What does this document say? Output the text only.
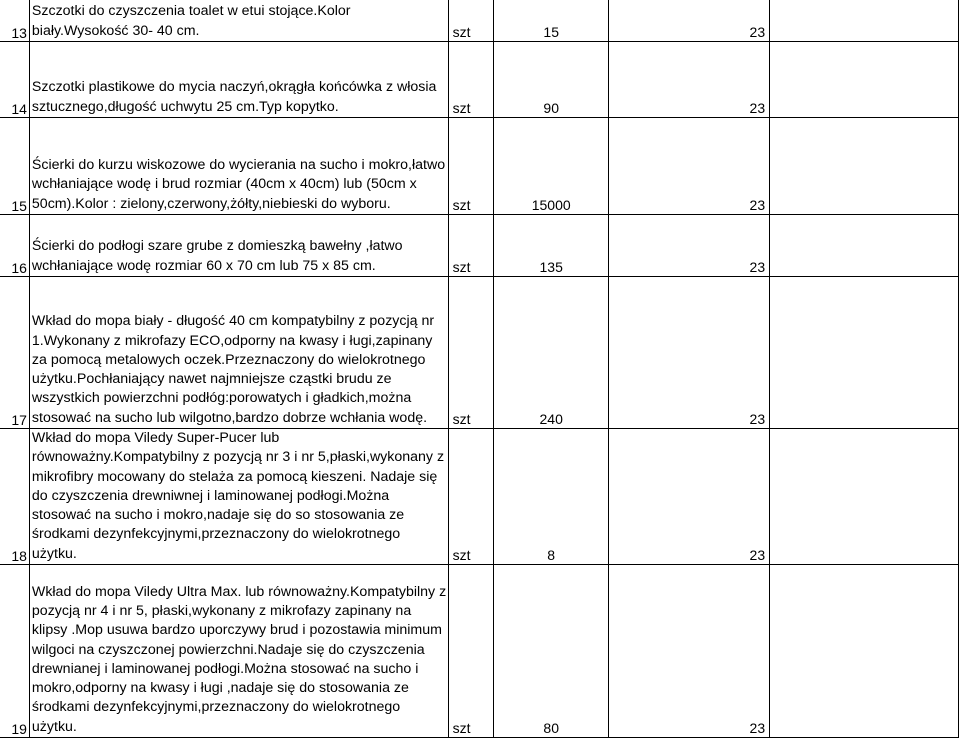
13	Szczotki do czyszczenia toalet w etui stojące.Kolor biały.Wysokość 30- 40 cm.	szt	15	23	
14	Szczotki plastikowe do mycia naczyń,okrągła końcówka z włosia sztucznego,długość uchwytu 25 cm.Typ kopytko.	szt	90	23	
15	Ścierki do kurzu wiskozowe do wycierania na sucho i mokro,łatwo wchłaniające wodę i brud rozmiar (40cm x 40cm) lub (50cm x 50cm).Kolor : zielony,czerwony,żółty,niebieski do wyboru.	szt	15000	23	
16	Ścierki do podłogi szare grube z domieszką bawełny ,łatwo wchłaniające wodę rozmiar 60 x 70 cm lub 75 x 85 cm.	szt	135	23	
17	Wkład do mopa biały - długość 40 cm kompatybilny z pozycją nr 1.Wykonany z mikrofazy ECO,odporny na kwasy i ługi,zapinany za pomocą metalowych oczek.Przeznaczony do wielokrotnego użytku.Pochłaniający nawet najmniejsze cząstki brudu ze wszystkich powierzchni podłóg:porowatych i gładkich,można stosować na sucho lub wilgotno,bardzo dobrze wchłania wodę.	szt	240	23	
18	Wkład do mopa Viledy Super-Pucer lub równoważny.Kompatybilny z pozycją nr 3 i nr 5,płaski,wykonany z mikrofibry mocowany do stelaża za pomocą kieszeni. Nadaje się do czyszczenia drewniwnej i laminowanej podłogi.Można stosować na sucho i mokro,nadaje się do so stosowania ze środkami dezynfekcyjnymi,przeznaczony do wielokrotnego użytku.	szt	8	23	
19	Wkład do mopa Viledy Ultra Max. lub równoważny.Kompatybilny z pozycją nr 4 i nr 5, płaski,wykonany z mikrofazy zapinany na klipsy .Mop usuwa bardzo uporczywy brud i pozostawia minimum wilgoci na czyszczonej powierzchni.Nadaje się do czyszczenia drewnianej i laminowanej podłogi.Można stosować na sucho i mokro,odporny na kwasy i ługi ,nadaje się do stosowania ze środkami dezynfekcyjnymi,przeznaczony do wielokrotnego użytku.	szt	80	23	
